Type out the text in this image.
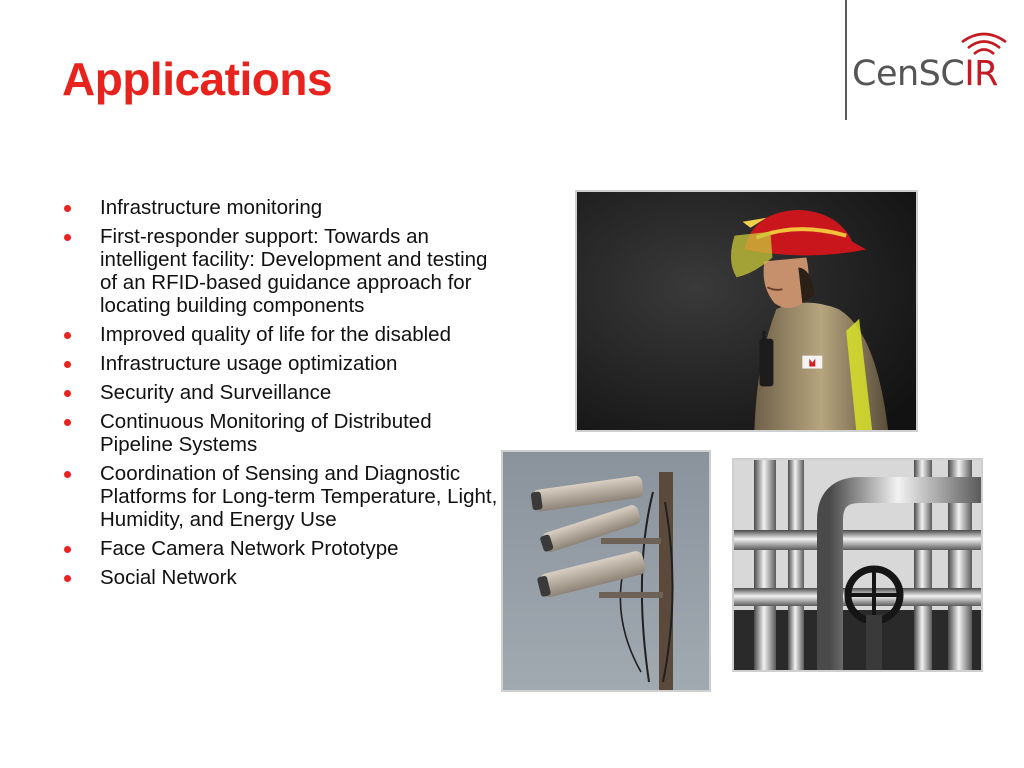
Applications	CenSCIR
Infrastructure monitoring
First-responder support: Towards an intelligent facility: Development and testing of an RFID-based guidance approach for locating building components
Improved quality of life for the disabled
Infrastructure usage optimization
Security and Surveillance
Continuous Monitoring of Distributed Pipeline Systems
Coordination of Sensing and Diagnostic Platforms for Long-term Temperature, Light, Humidity, and Energy Use
Face Camera Network Prototype
Social Network
